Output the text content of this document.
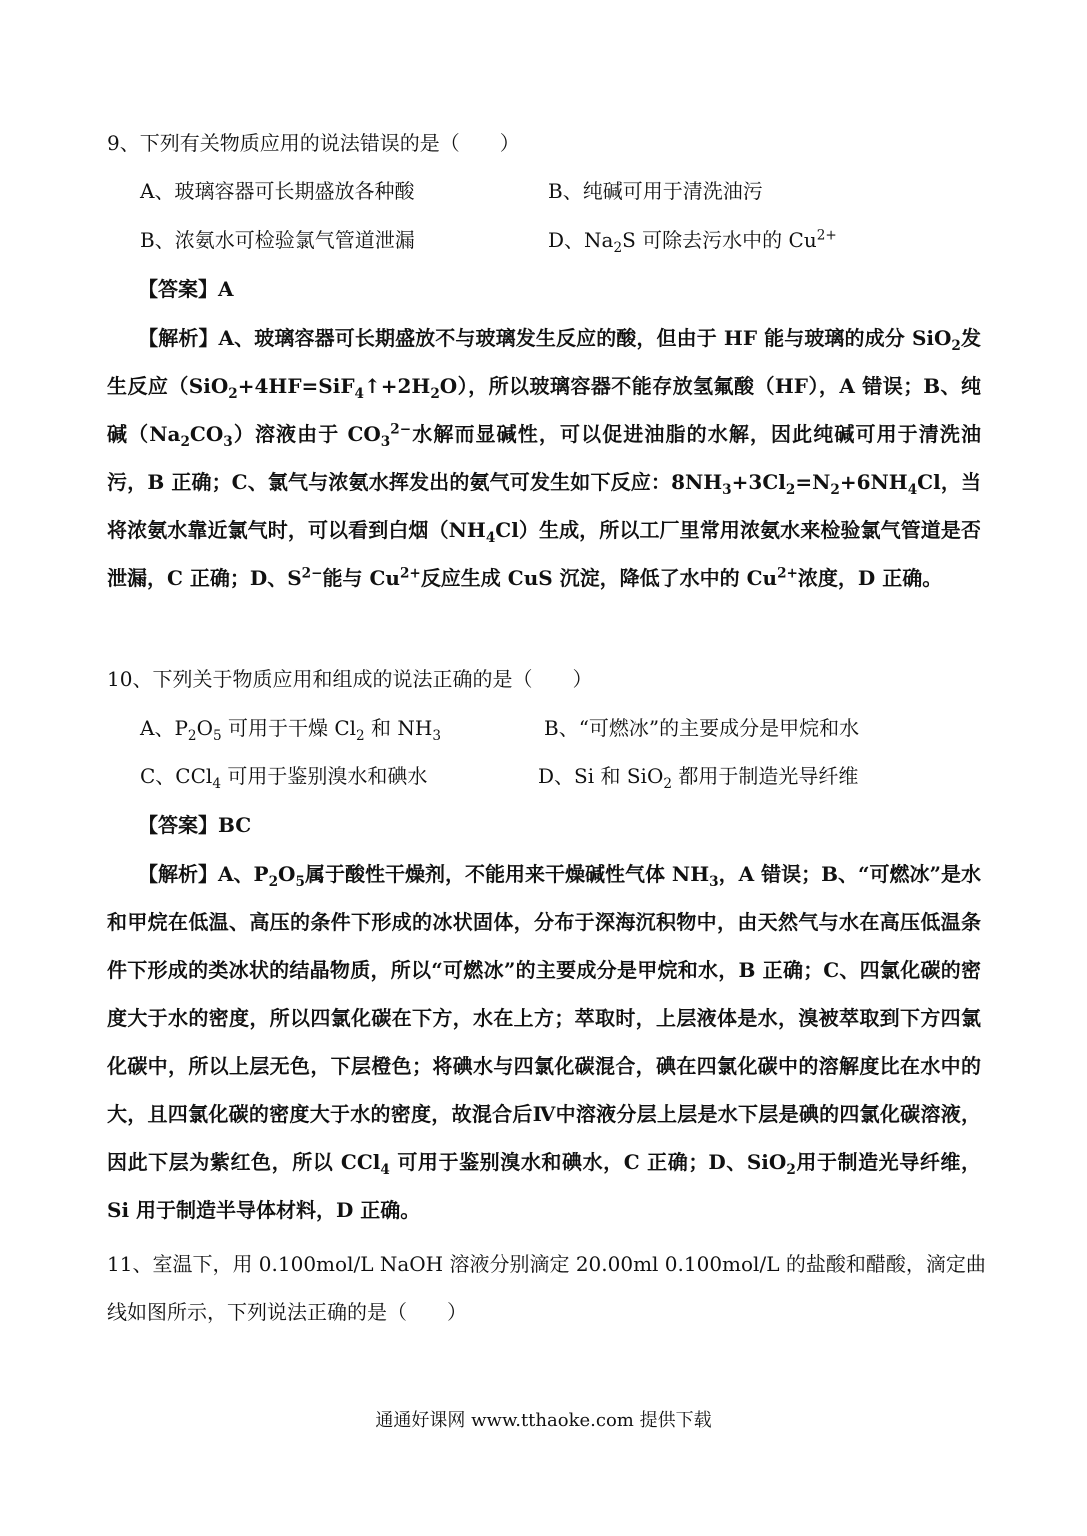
9、下列有关物质应用的说法错误的是（　　）
A、玻璃容器可长期盛放各种酸	B、纯碱可用于清洗油污
B、浓氨水可检验氯气管道泄漏	D、$Na_2S$ 可除去污水中的 $Cu^{2+}$
【答案】A
【解析】A、玻璃容器可长期盛放不与玻璃发生反应的酸，但由于 HF 能与玻璃的成分 SiO$_2$发生反应$(SiO_2+4HF=SiF_4↑+2H_2O)$，所以玻璃容器不能存放氢氟酸（HF），A 错误；B、纯碱$(Na_2CO_3)$溶液由于 $CO_3^{2-}$水解而显碱性，可以促进油脂的水解，因此纯碱可用于清洗油污，B 正确；C、氯气与浓氨水挥发出的氨气可发生如下反应：$8NH_3+3Cl_2=N_2+6NH_4Cl$，当将浓氨水靠近氯气时，可以看到白烟$(NH_4Cl)$生成，所以工厂里常用浓氨水来检验氯气管道是否泄漏，C 正确；D、$S^{2-}$能与 $Cu^{2+}$反应生成 CuS 沉淀，降低了水中的 $Cu^{2+}$浓度，D 正确。
10、下列关于物质应用和组成的说法正确的是（　　）
A、$P_2O_5$ 可用于干燥 $Cl_2$ 和 $NH_3$	B、“可燃冰”的主要成分是甲烷和水
C、CCl$_4$ 可用于鉴别溴水和碘水	D、Si 和 SiO$_2$ 都用于制造光导纤维
【答案】BC
【解析】A、$P_2O_5$属于酸性干燥剂，不能用来干燥碱性气体 $NH_3$，A 错误；B、“可燃冰”是水和甲烷在低温、高压的条件下形成的冰状固体，分布于深海沉积物中，由天然气与水在高压低温条件下形成的类冰状的结晶物质，所以“可燃冰”的主要成分是甲烷和水，B 正确；C、四氯化碳的密度大于水的密度，所以四氯化碳在下方，水在上方；萃取时，上层液体是水，溴被萃取到下方四氯化碳中，所以上层无色，下层橙色；将碘水与四氯化碳混合，碘在四氯化碳中的溶解度比在水中的大，且四氯化碳的密度大于水的密度，故混合后Ⅳ中溶液分层上层是水下层是碘的四氯化碳溶液，因此下层为紫红色，所以 CCl$_4$ 可用于鉴别溴水和碘水，C 正确；D、SiO$_2$用于制造光导纤维，Si 用于制造半导体材料，D 正确。
11、室温下，用 0.100mol/L NaOH 溶液分别滴定 20.00ml 0.100mol/L 的盐酸和醋酸，滴定曲
线如图所示，下列说法正确的是（　　）
通通好课网 www.tthaoke.com 提供下载
